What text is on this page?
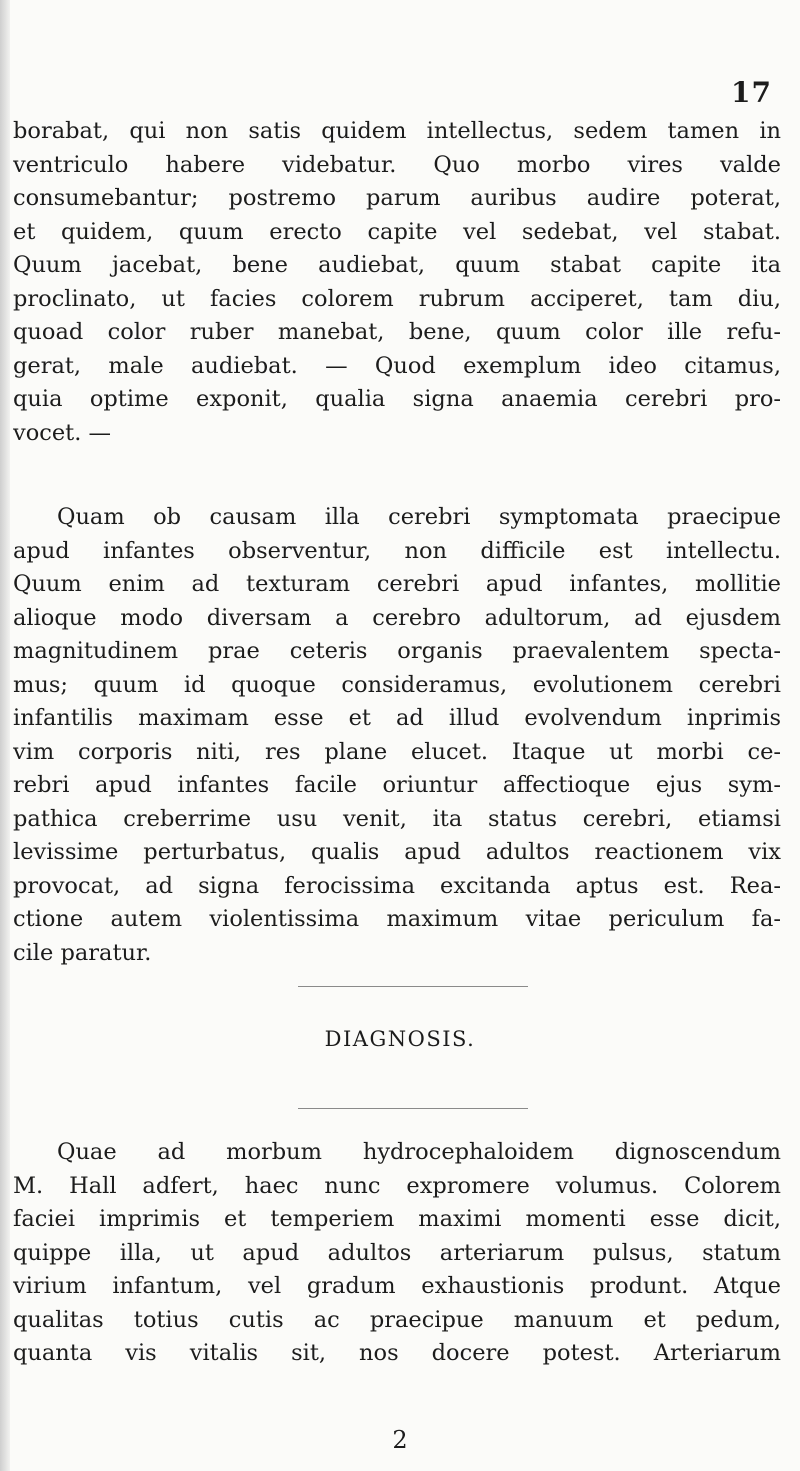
17
borabat, qui non satis quidem intellectus, sedem tamen in
ventriculo habere videbatur. Quo morbo vires valde
consumebantur; postremo parum auribus audire poterat,
et quidem, quum erecto capite vel sedebat, vel stabat.
Quum jacebat, bene audiebat, quum stabat capite ita
proclinato, ut facies colorem rubrum acciperet, tam diu,
quoad color ruber manebat, bene, quum color ille refu-
gerat, male audiebat. — Quod exemplum ideo citamus,
quia optime exponit, qualia signa anaemia cerebri pro-
vocet. —
Quam ob causam illa cerebri symptomata praecipue
apud infantes observentur, non difficile est intellectu.
Quum enim ad texturam cerebri apud infantes, mollitie
alioque modo diversam a cerebro adultorum, ad ejusdem
magnitudinem prae ceteris organis praevalentem specta-
mus; quum id quoque consideramus, evolutionem cerebri
infantilis maximam esse et ad illud evolvendum inprimis
vim corporis niti, res plane elucet. Itaque ut morbi ce-
rebri apud infantes facile oriuntur affectioque ejus sym-
pathica creberrime usu venit, ita status cerebri, etiamsi
levissime perturbatus, qualis apud adultos reactionem vix
provocat, ad signa ferocissima excitanda aptus est. Rea-
ctione autem violentissima maximum vitae periculum fa-
cile paratur.
DIAGNOSIS.
Quae ad morbum hydrocephaloidem dignoscendum
M. Hall adfert, haec nunc expromere volumus. Colorem
faciei imprimis et temperiem maximi momenti esse dicit,
quippe illa, ut apud adultos arteriarum pulsus, statum
virium infantum, vel gradum exhaustionis produnt. Atque
qualitas totius cutis ac praecipue manuum et pedum,
quanta vis vitalis sit, nos docere potest. Arteriarum
2
